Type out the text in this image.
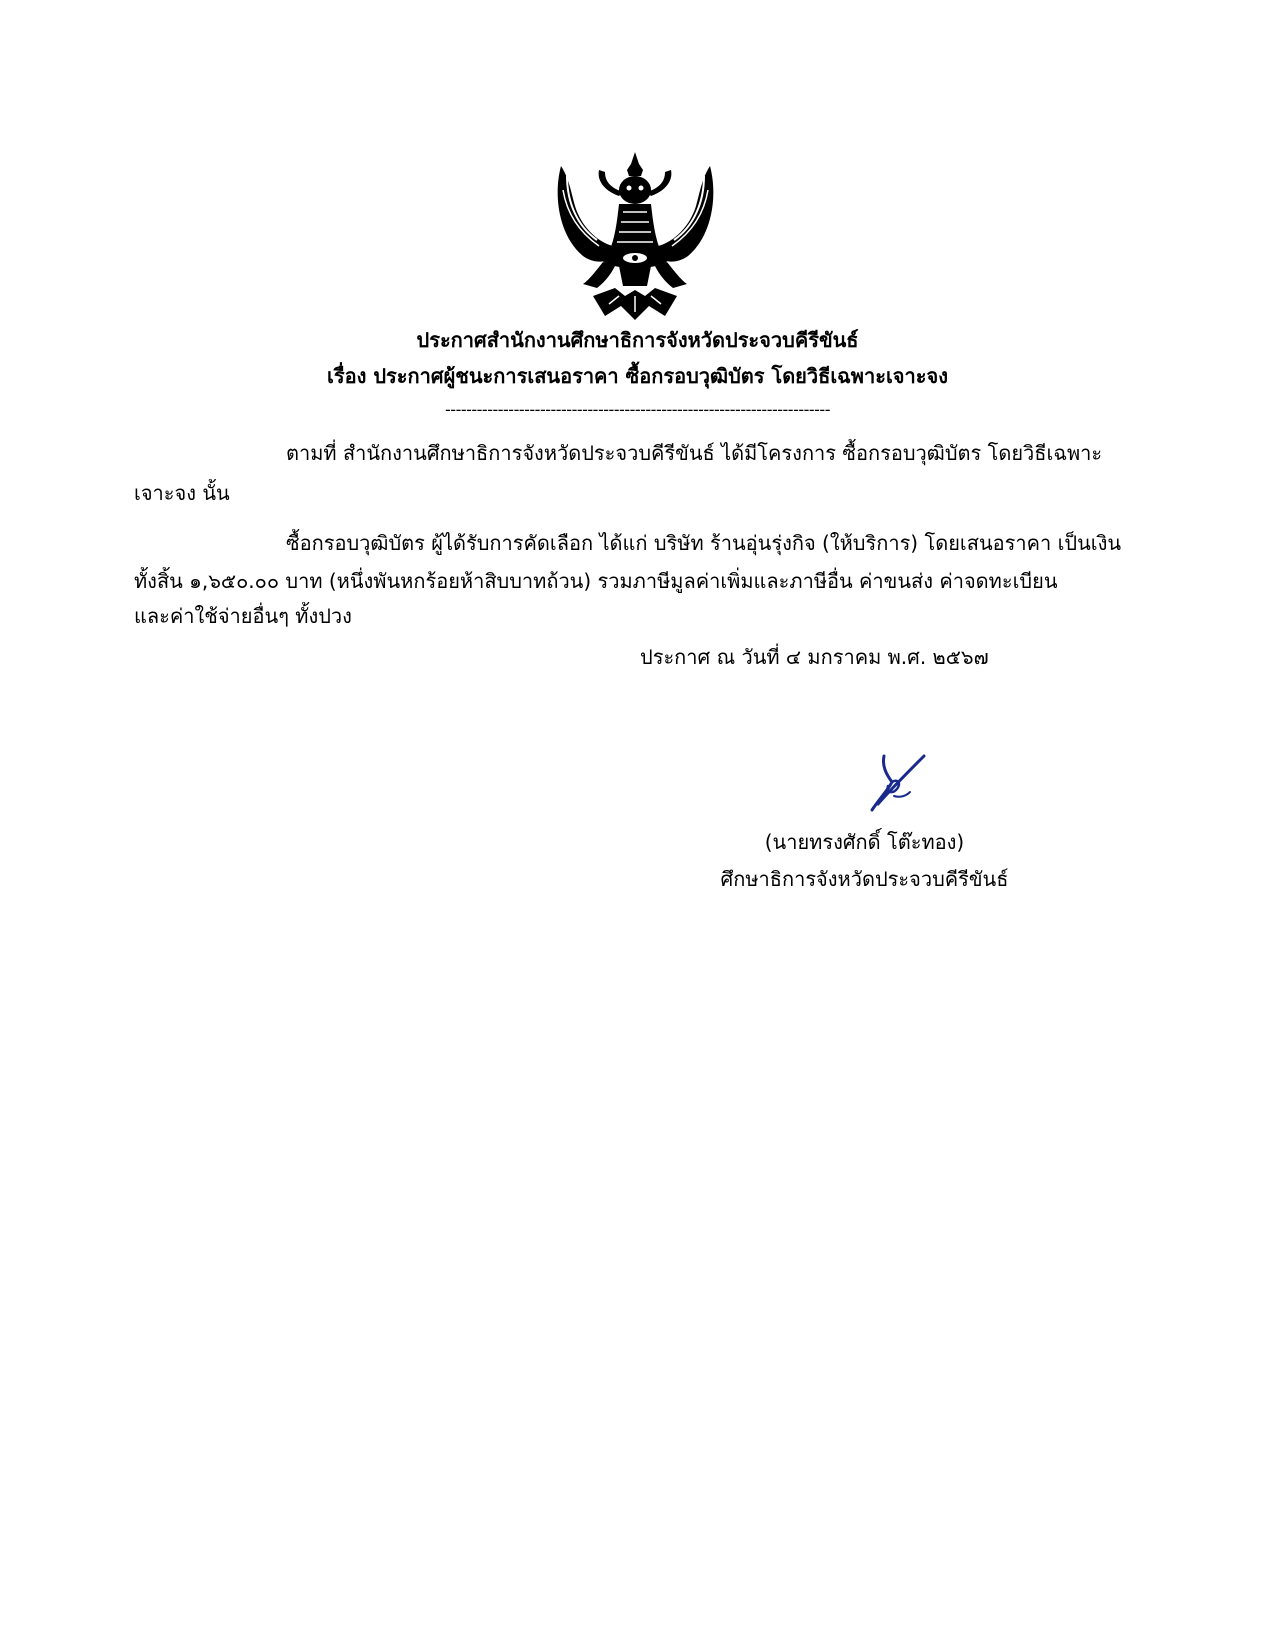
ประกาศสำนักงานศึกษาธิการจังหวัดประจวบคีรีขันธ์
เรื่อง ประกาศผู้ชนะการเสนอราคา ซื้อกรอบวุฒิบัตร โดยวิธีเฉพาะเจาะจง
-------------------------------------------------------------------------
ตามที่ สำนักงานศึกษาธิการจังหวัดประจวบคีรีขันธ์ ได้มีโครงการ ซื้อกรอบวุฒิบัตร โดยวิธีเฉพาะ
เจาะจง นั้น
ซื้อกรอบวุฒิบัตร ผู้ได้รับการคัดเลือก ได้แก่ บริษัท ร้านอุ่นรุ่งกิจ (ให้บริการ) โดยเสนอราคา เป็นเงิน
ทั้งสิ้น ๑,๖๕๐.๐๐ บาท (หนึ่งพันหกร้อยห้าสิบบาทถ้วน) รวมภาษีมูลค่าเพิ่มและภาษีอื่น ค่าขนส่ง ค่าจดทะเบียน
และค่าใช้จ่ายอื่นๆ ทั้งปวง
ประกาศ ณ วันที่ ๔ มกราคม พ.ศ. ๒๕๖๗
(นายทรงศักดิ์ โต๊ะทอง)
ศึกษาธิการจังหวัดประจวบคีรีขันธ์
